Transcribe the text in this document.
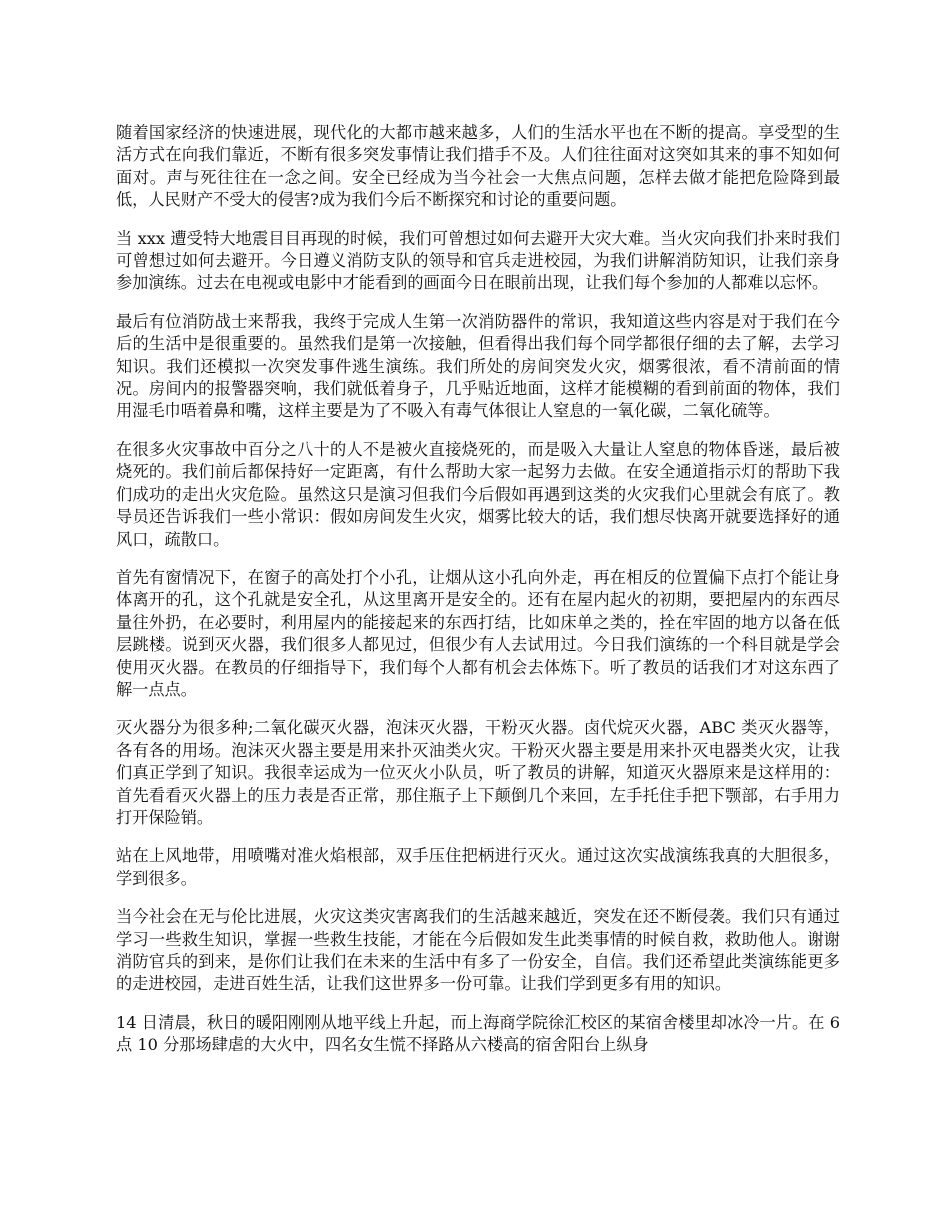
随着国家经济的快速进展，现代化的大都市越来越多，人们的生活水平也在不断的提高。享受型的生活方式在向我们靠近，不断有很多突发事情让我们措手不及。人们往往面对这突如其来的事不知如何面对。声与死往往在一念之间。安全已经成为当今社会一大焦点问题，怎样去做才能把危险降到最低，人民财产不受大的侵害?成为我们今后不断探究和讨论的重要问题。

当 xxx 遭受特大地震目目再现的时候，我们可曾想过如何去避开大灾大难。当火灾向我们扑来时我们可曾想过如何去避开。今日遵义消防支队的领导和官兵走进校园，为我们讲解消防知识，让我们亲身参加演练。过去在电视或电影中才能看到的画面今日在眼前出现，让我们每个参加的人都难以忘怀。

最后有位消防战士来帮我，我终于完成人生第一次消防器件的常识，我知道这些内容是对于我们在今后的生活中是很重要的。虽然我们是第一次接触，但看得出我们每个同学都很仔细的去了解，去学习知识。我们还模拟一次突发事件逃生演练。我们所处的房间突发火灾，烟雾很浓，看不清前面的情况。房间内的报警器突响，我们就低着身子，几乎贴近地面，这样才能模糊的看到前面的物体，我们用湿毛巾唔着鼻和嘴，这样主要是为了不吸入有毒气体很让人窒息的一氧化碳，二氧化硫等。

在很多火灾事故中百分之八十的人不是被火直接烧死的，而是吸入大量让人窒息的物体昏迷，最后被烧死的。我们前后都保持好一定距离，有什么帮助大家一起努力去做。在安全通道指示灯的帮助下我们成功的走出火灾危险。虽然这只是演习但我们今后假如再遇到这类的火灾我们心里就会有底了。教导员还告诉我们一些小常识：假如房间发生火灾，烟雾比较大的话，我们想尽快离开就要选择好的通风口，疏散口。

首先有窗情况下，在窗子的高处打个小孔，让烟从这小孔向外走，再在相反的位置偏下点打个能让身体离开的孔，这个孔就是安全孔，从这里离开是安全的。还有在屋内起火的初期，要把屋内的东西尽量往外扔，在必要时，利用屋内的能接起来的东西打结，比如床单之类的，拴在牢固的地方以备在低层跳楼。说到灭火器，我们很多人都见过，但很少有人去试用过。今日我们演练的一个科目就是学会使用灭火器。在教员的仔细指导下，我们每个人都有机会去体炼下。听了教员的话我们才对这东西了解一点点。

灭火器分为很多种;二氧化碳灭火器，泡沫灭火器，干粉灭火器。卤代烷灭火器，ABC 类灭火器等，各有各的用场。泡沫灭火器主要是用来扑灭油类火灾。干粉灭火器主要是用来扑灭电器类火灾，让我们真正学到了知识。我很幸运成为一位灭火小队员，听了教员的讲解，知道灭火器原来是这样用的：首先看看灭火器上的压力表是否正常，那住瓶子上下颠倒几个来回，左手托住手把下颚部，右手用力打开保险销。

站在上风地带，用喷嘴对准火焰根部，双手压住把柄进行灭火。通过这次实战演练我真的大胆很多，学到很多。

当今社会在无与伦比进展，火灾这类灾害离我们的生活越来越近，突发在还不断侵袭。我们只有通过学习一些救生知识，掌握一些救生技能，才能在今后假如发生此类事情的时候自救，救助他人。谢谢消防官兵的到来，是你们让我们在未来的生活中有多了一份安全，自信。我们还希望此类演练能更多的走进校园，走进百姓生活，让我们这世界多一份可靠。让我们学到更多有用的知识。

14 日清晨，秋日的暖阳刚刚从地平线上升起，而上海商学院徐汇校区的某宿舍楼里却冰冷一片。在 6 点 10 分那场肆虐的大火中，四名女生慌不择路从六楼高的宿舍阳台上纵身
